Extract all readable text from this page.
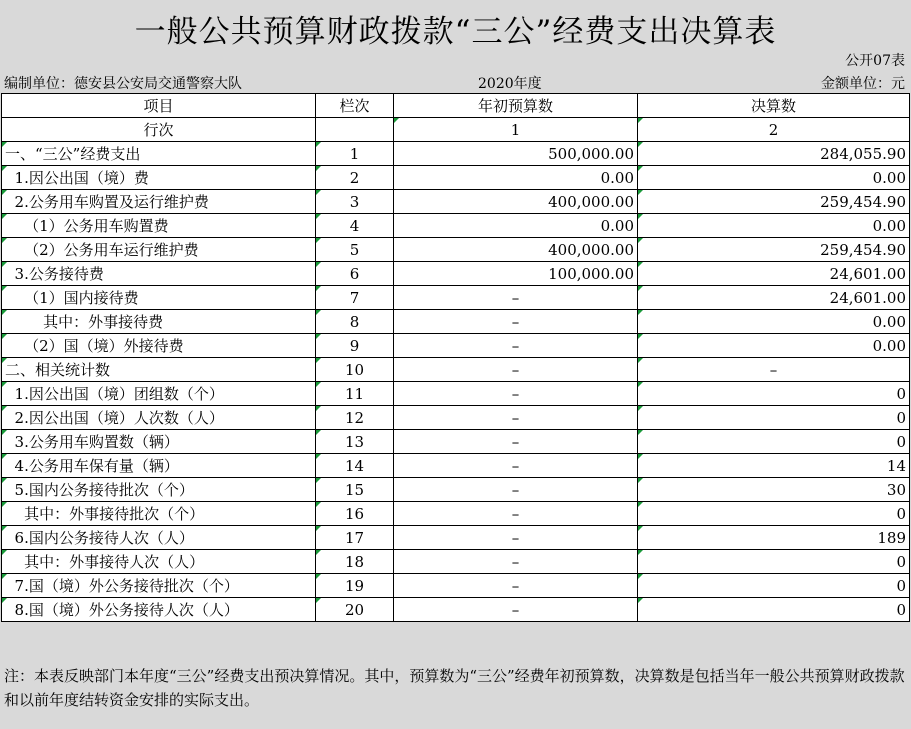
一般公共预算财政拨款“三公”经费支出决算表
公开07表
编制单位：德安县公安局交通警察大队	2020年度	金额单位：元
项目	栏次	年初预算数	决算数
行次		1	2
一、“三公”经费支出	1	500,000.00	284,055.90
1.因公出国（境）费	2	0.00	0.00
2.公务用车购置及运行维护费	3	400,000.00	259,454.90
（1）公务用车购置费	4	0.00	0.00
（2）公务用车运行维护费	5	400,000.00	259,454.90
3.公务接待费	6	100,000.00	24,601.00
（1）国内接待费	7	–	24,601.00
其中：外事接待费	8	–	0.00
（2）国（境）外接待费	9	–	0.00
二、相关统计数	10	–	–
1.因公出国（境）团组数（个）	11	–	0
2.因公出国（境）人次数（人）	12	–	0
3.公务用车购置数（辆）	13	–	0
4.公务用车保有量（辆）	14	–	14
5.国内公务接待批次（个）	15	–	30
其中：外事接待批次（个）	16	–	0
6.国内公务接待人次（人）	17	–	189
其中：外事接待人次（人）	18	–	0
7.国（境）外公务接待批次（个）	19	–	0
8.国（境）外公务接待人次（人）	20	–	0
注：本表反映部门本年度“三公”经费支出预决算情况。其中，预算数为“三公”经费年初预算数，决算数是包括当年一般公共预算财政拨款和以前年度结转资金安排的实际支出。
